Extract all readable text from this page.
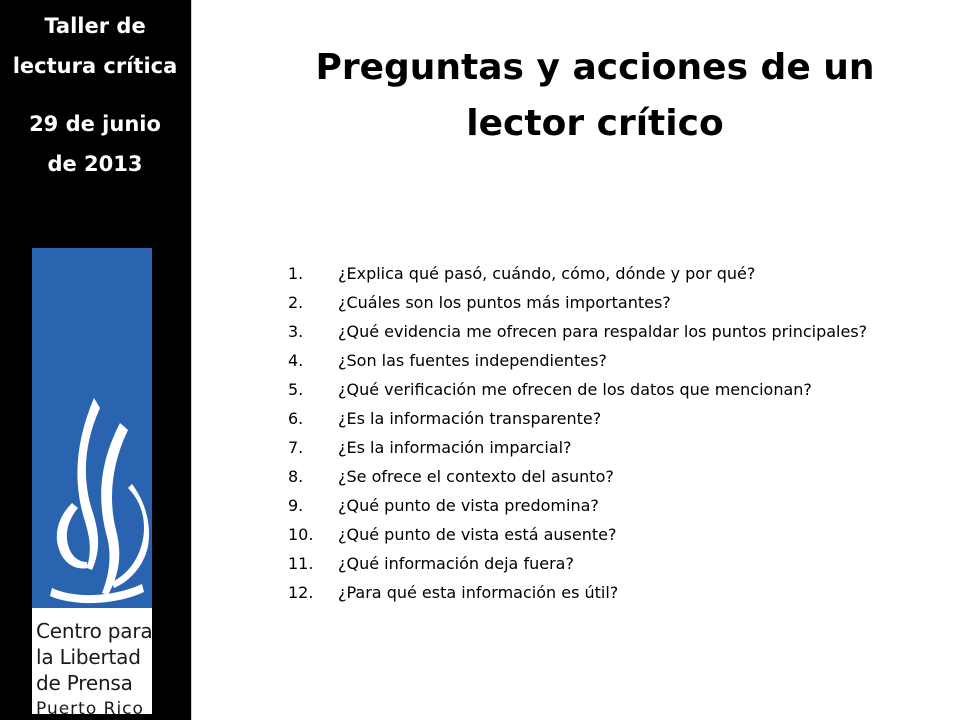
Taller de
lectura crítica
29 de junio
de 2013
Centro para
la Libertad
de Prensa
Puerto Rico
Preguntas y acciones de un
lector crítico
1.	¿Explica qué pasó, cuándo, cómo, dónde y por qué?
2.	¿Cuáles son los puntos más importantes?
3.	¿Qué evidencia me ofrecen para respaldar los puntos principales?
4.	¿Son las fuentes independientes?
5.	¿Qué verificación me ofrecen de los datos que mencionan?
6.	¿Es la información transparente?
7.	¿Es la información imparcial?
8.	¿Se ofrece el contexto del asunto?
9.	¿Qué punto de vista predomina?
10.	¿Qué punto de vista está ausente?
11.	¿Qué información deja fuera?
12.	¿Para qué esta información es útil?
